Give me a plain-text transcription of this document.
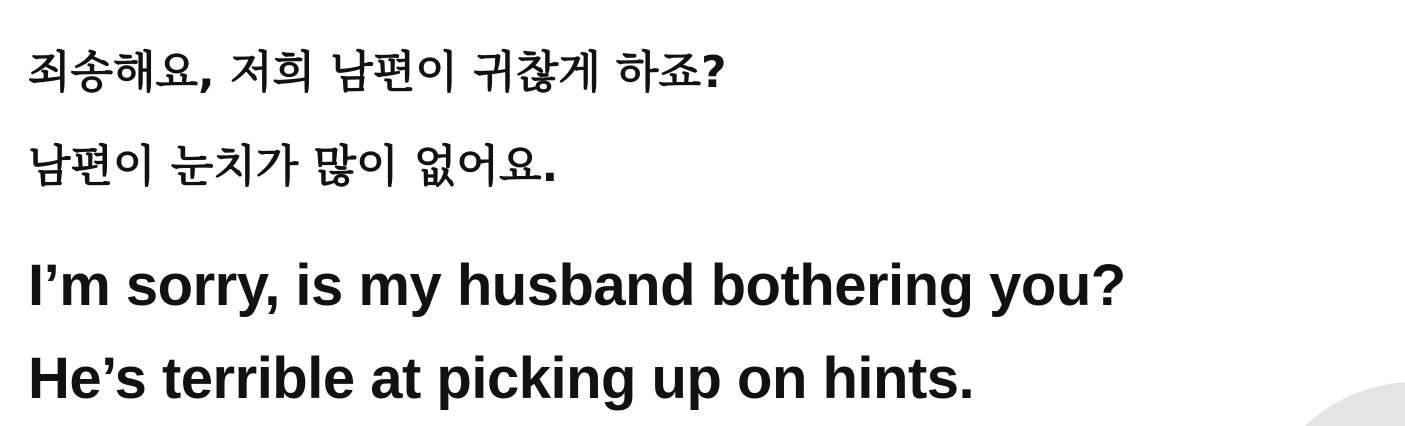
죄송해요, 저희 남편이 귀찮게 하죠?
남편이 눈치가 많이 없어요.
I’m sorry, is my husband bothering you?
He’s terrible at picking up on hints.
